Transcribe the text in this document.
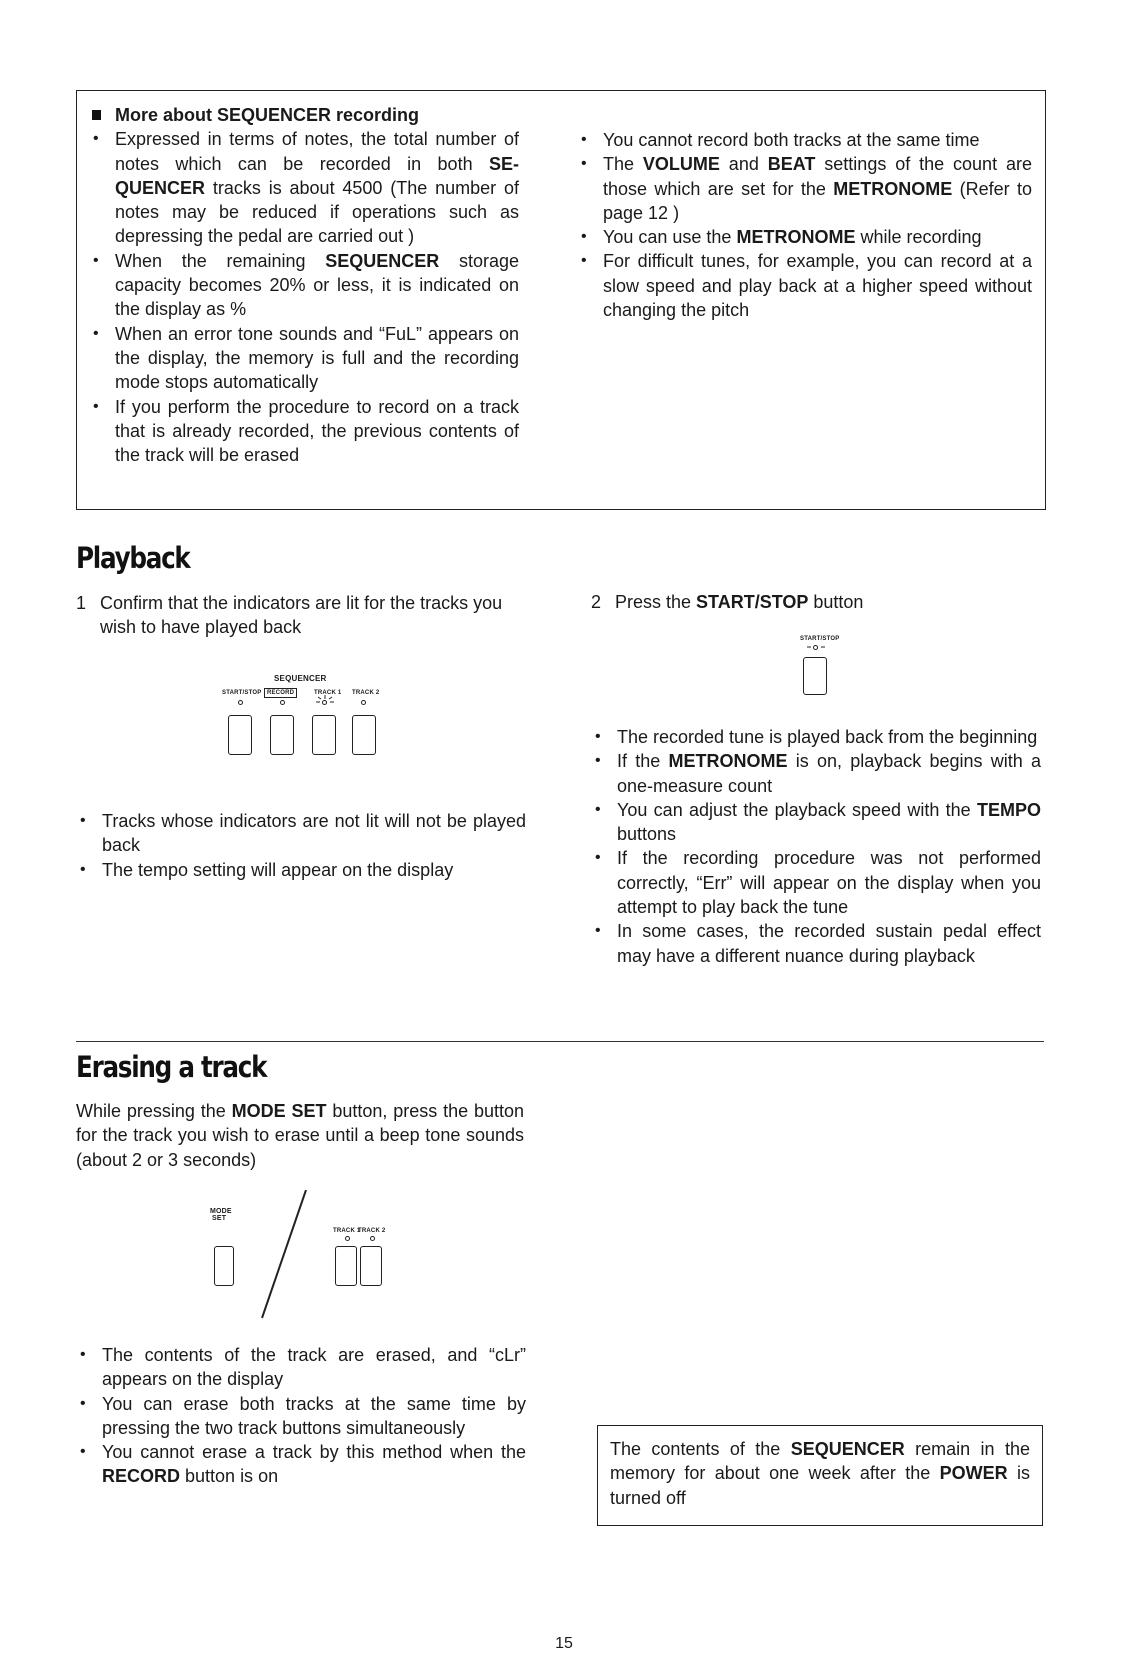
More about SEQUENCER recording
• Expressed in terms of notes, the total number of notes which can be recorded in both SE-QUENCER tracks is about 4500 (The number of notes may be reduced if operations such as depressing the pedal are carried out )
• When the remaining SEQUENCER storage capacity becomes 20% or less, it is indicated on the display as %
• When an error tone sounds and “FuL” appears on the display, the memory is full and the recording mode stops automatically
• If you perform the procedure to record on a track that is already recorded, the previous contents of the track will be erased
• You cannot record both tracks at the same time
• The VOLUME and BEAT settings of the count are those which are set for the METRONOME (Refer to page 12 )
• You can use the METRONOME while recording
• For difficult tunes, for example, you can record at a slow speed and play back at a higher speed without changing the pitch
Playback
1 Confirm that the indicators are lit for the tracks you wish to have played back
SEQUENCER
START/STOP RECORD	TRACK 1 TRACK 2
• Tracks whose indicators are not lit will not be played back
• The tempo setting will appear on the display
2 Press the START/STOP button
START/STOP
• The recorded tune is played back from the beginning
• If the METRONOME is on, playback begins with a one-measure count
• You can adjust the playback speed with the TEMPO buttons
• If the recording procedure was not performed correctly, “Err” will appear on the display when you attempt to play back the tune
• In some cases, the recorded sustain pedal effect may have a different nuance during playback
Erasing a track
While pressing the MODE SET button, press the button for the track you wish to erase until a beep tone sounds (about 2 or 3 seconds)
MODE
SET
TRACK 1
TRACK 2
• The contents of the track are erased, and “cLr” appears on the display
• You can erase both tracks at the same time by pressing the two track buttons simultaneously
• You cannot erase a track by this method when the RECORD button is on
The contents of the SEQUENCER remain in the memory for about one week after the POWER is turned off
15
